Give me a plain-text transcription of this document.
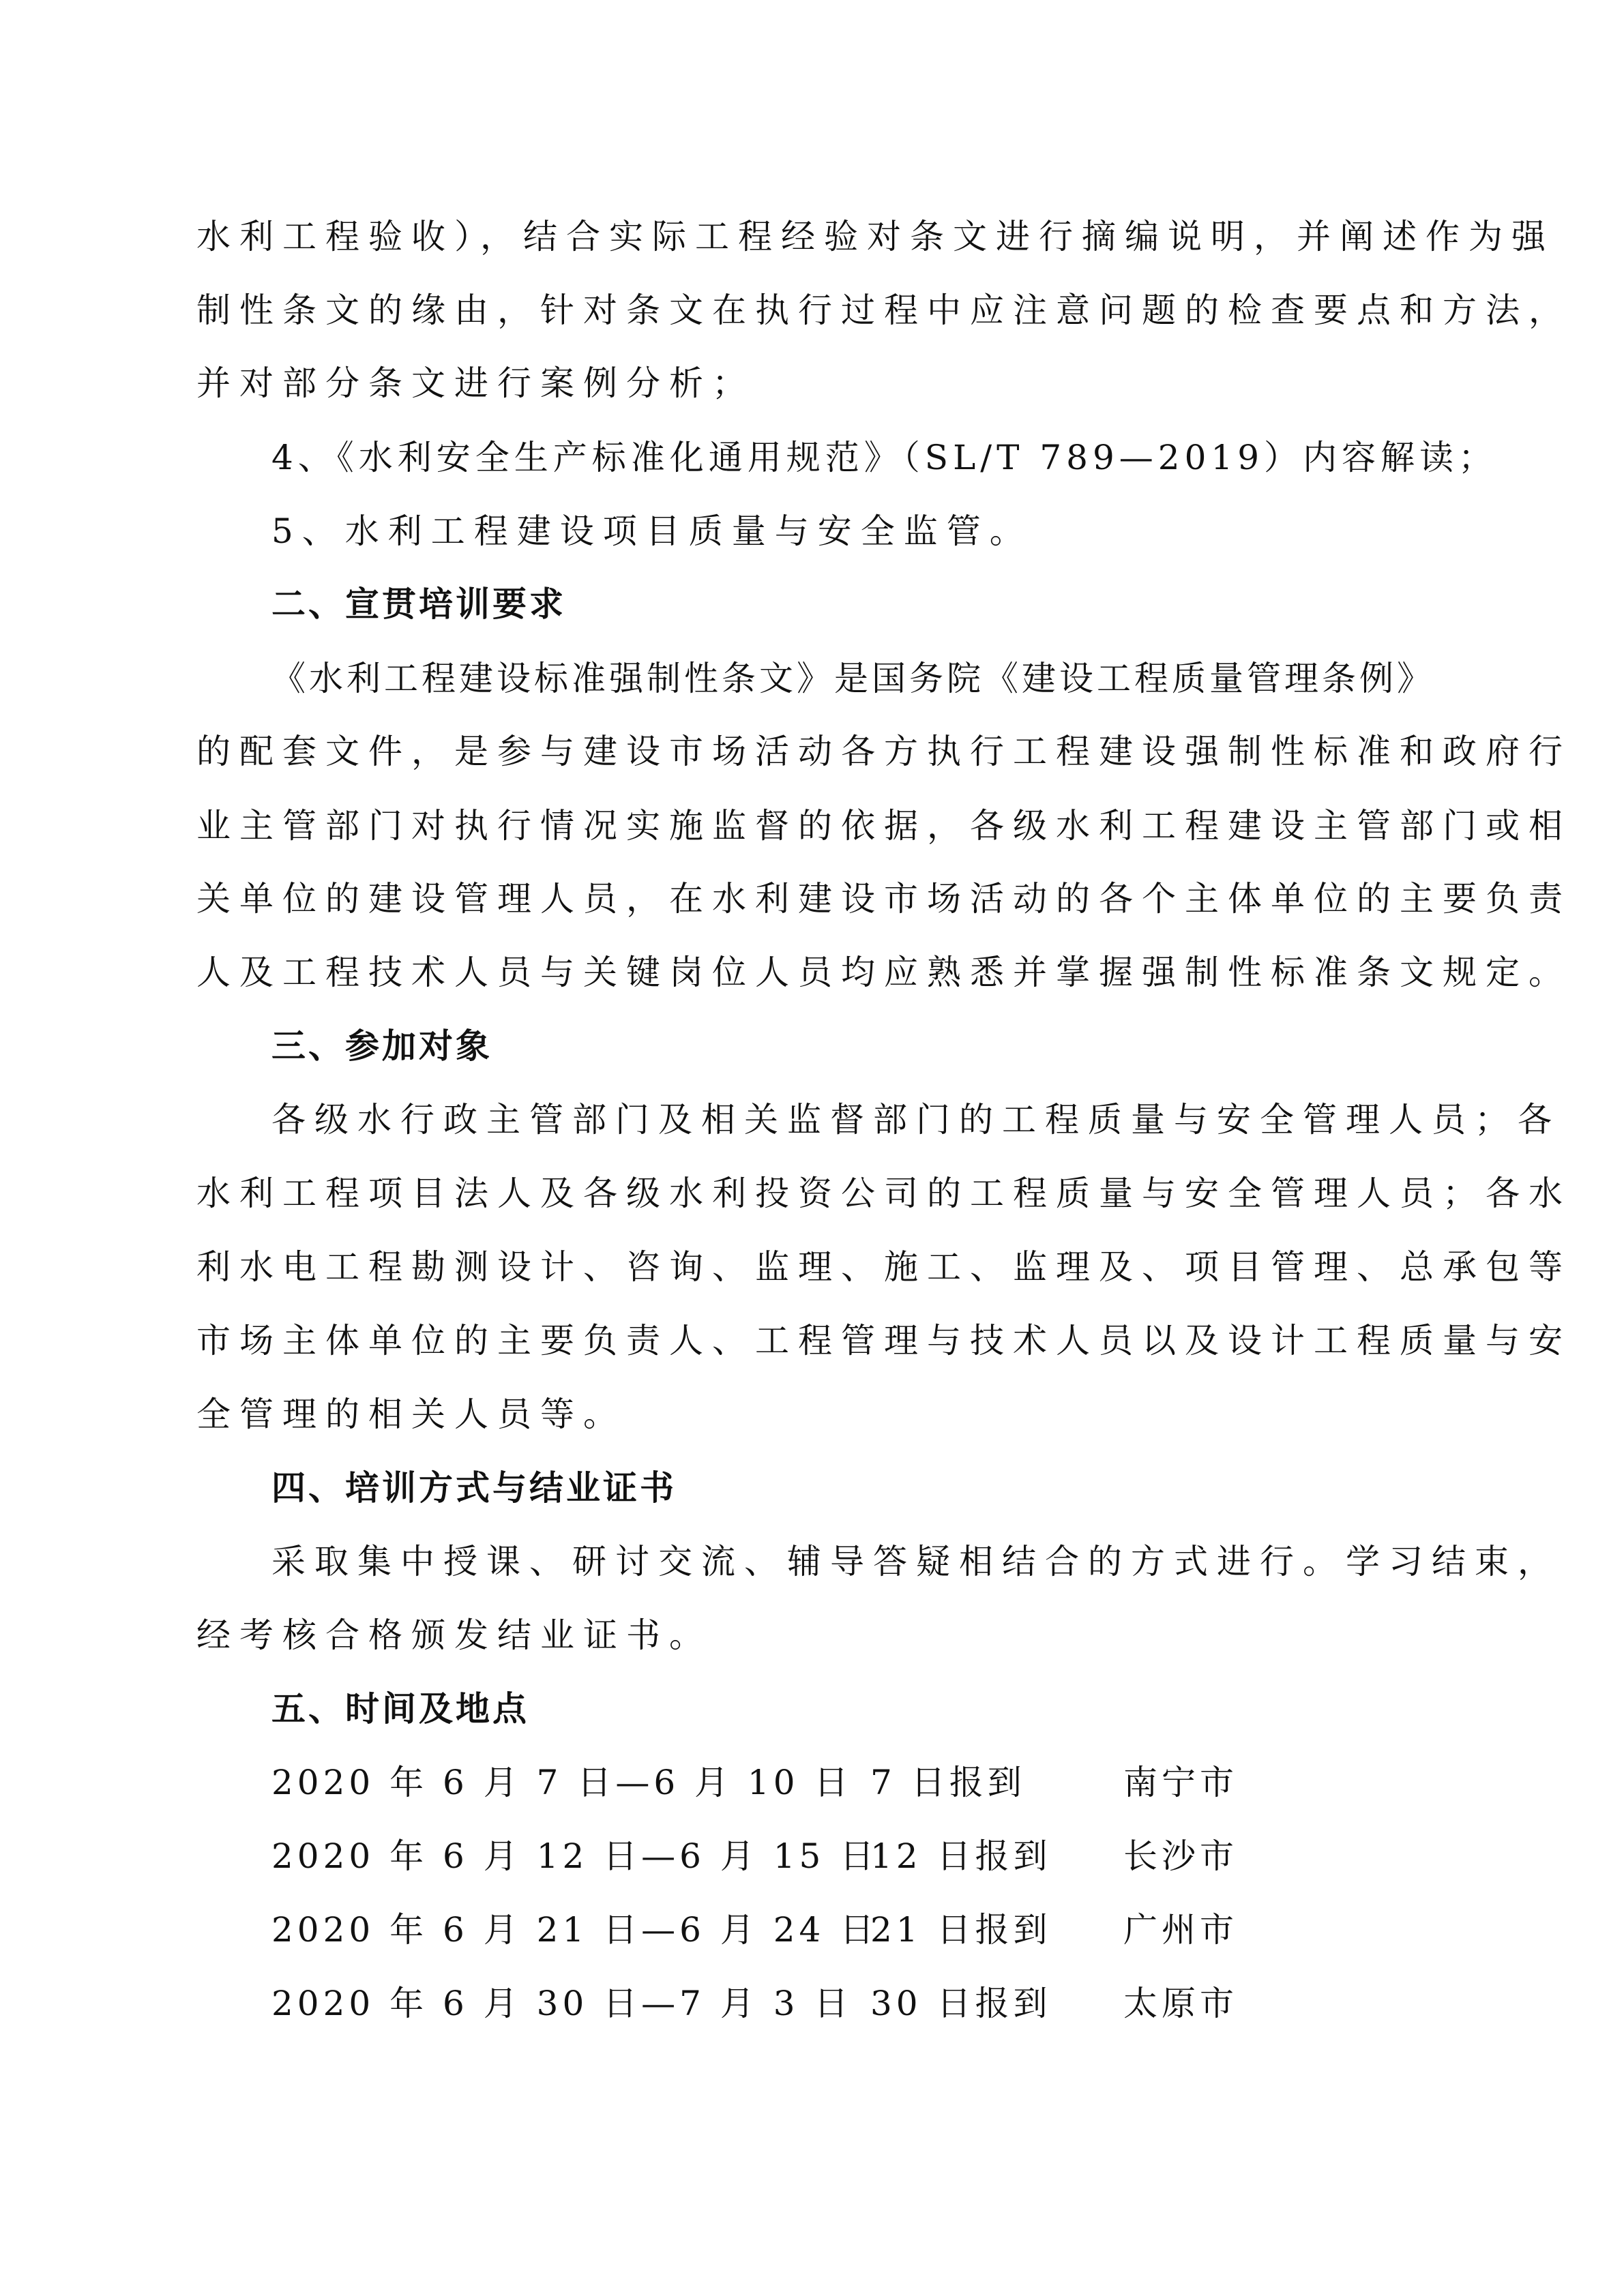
水利工程验收），结合实际工程经验对条文进行摘编说明，并阐述作为强
制性条文的缘由，针对条文在执行过程中应注意问题的检查要点和方法，
并对部分条文进行案例分析；
4、《水利安全生产标准化通用规范》（SL/T 789—2019）内容解读；
5、水利工程建设项目质量与安全监管。
二、宣贯培训要求
《水利工程建设标准强制性条文》是国务院《建设工程质量管理条例》
的配套文件，是参与建设市场活动各方执行工程建设强制性标准和政府行
业主管部门对执行情况实施监督的依据，各级水利工程建设主管部门或相
关单位的建设管理人员，在水利建设市场活动的各个主体单位的主要负责
人及工程技术人员与关键岗位人员均应熟悉并掌握强制性标准条文规定。
三、参加对象
各级水行政主管部门及相关监督部门的工程质量与安全管理人员；各
水利工程项目法人及各级水利投资公司的工程质量与安全管理人员；各水
利水电工程勘测设计、咨询、监理、施工、监理及、项目管理、总承包等
市场主体单位的主要负责人、工程管理与技术人员以及设计工程质量与安
全管理的相关人员等。
四、培训方式与结业证书
采取集中授课、研讨交流、辅导答疑相结合的方式进行。学习结束，
经考核合格颁发结业证书。
五、时间及地点
2020 年 6 月 7 日—6 月 10 日 7 日报到	南宁市
2020 年 6 月 12 日—6 月 15 日
12 日报到 长沙市
2020 年 6 月 21 日—6 月 24 日
21 日报到 广州市
2020 年 6 月 30 日—7 月 3 日 30 日报到 太原市
